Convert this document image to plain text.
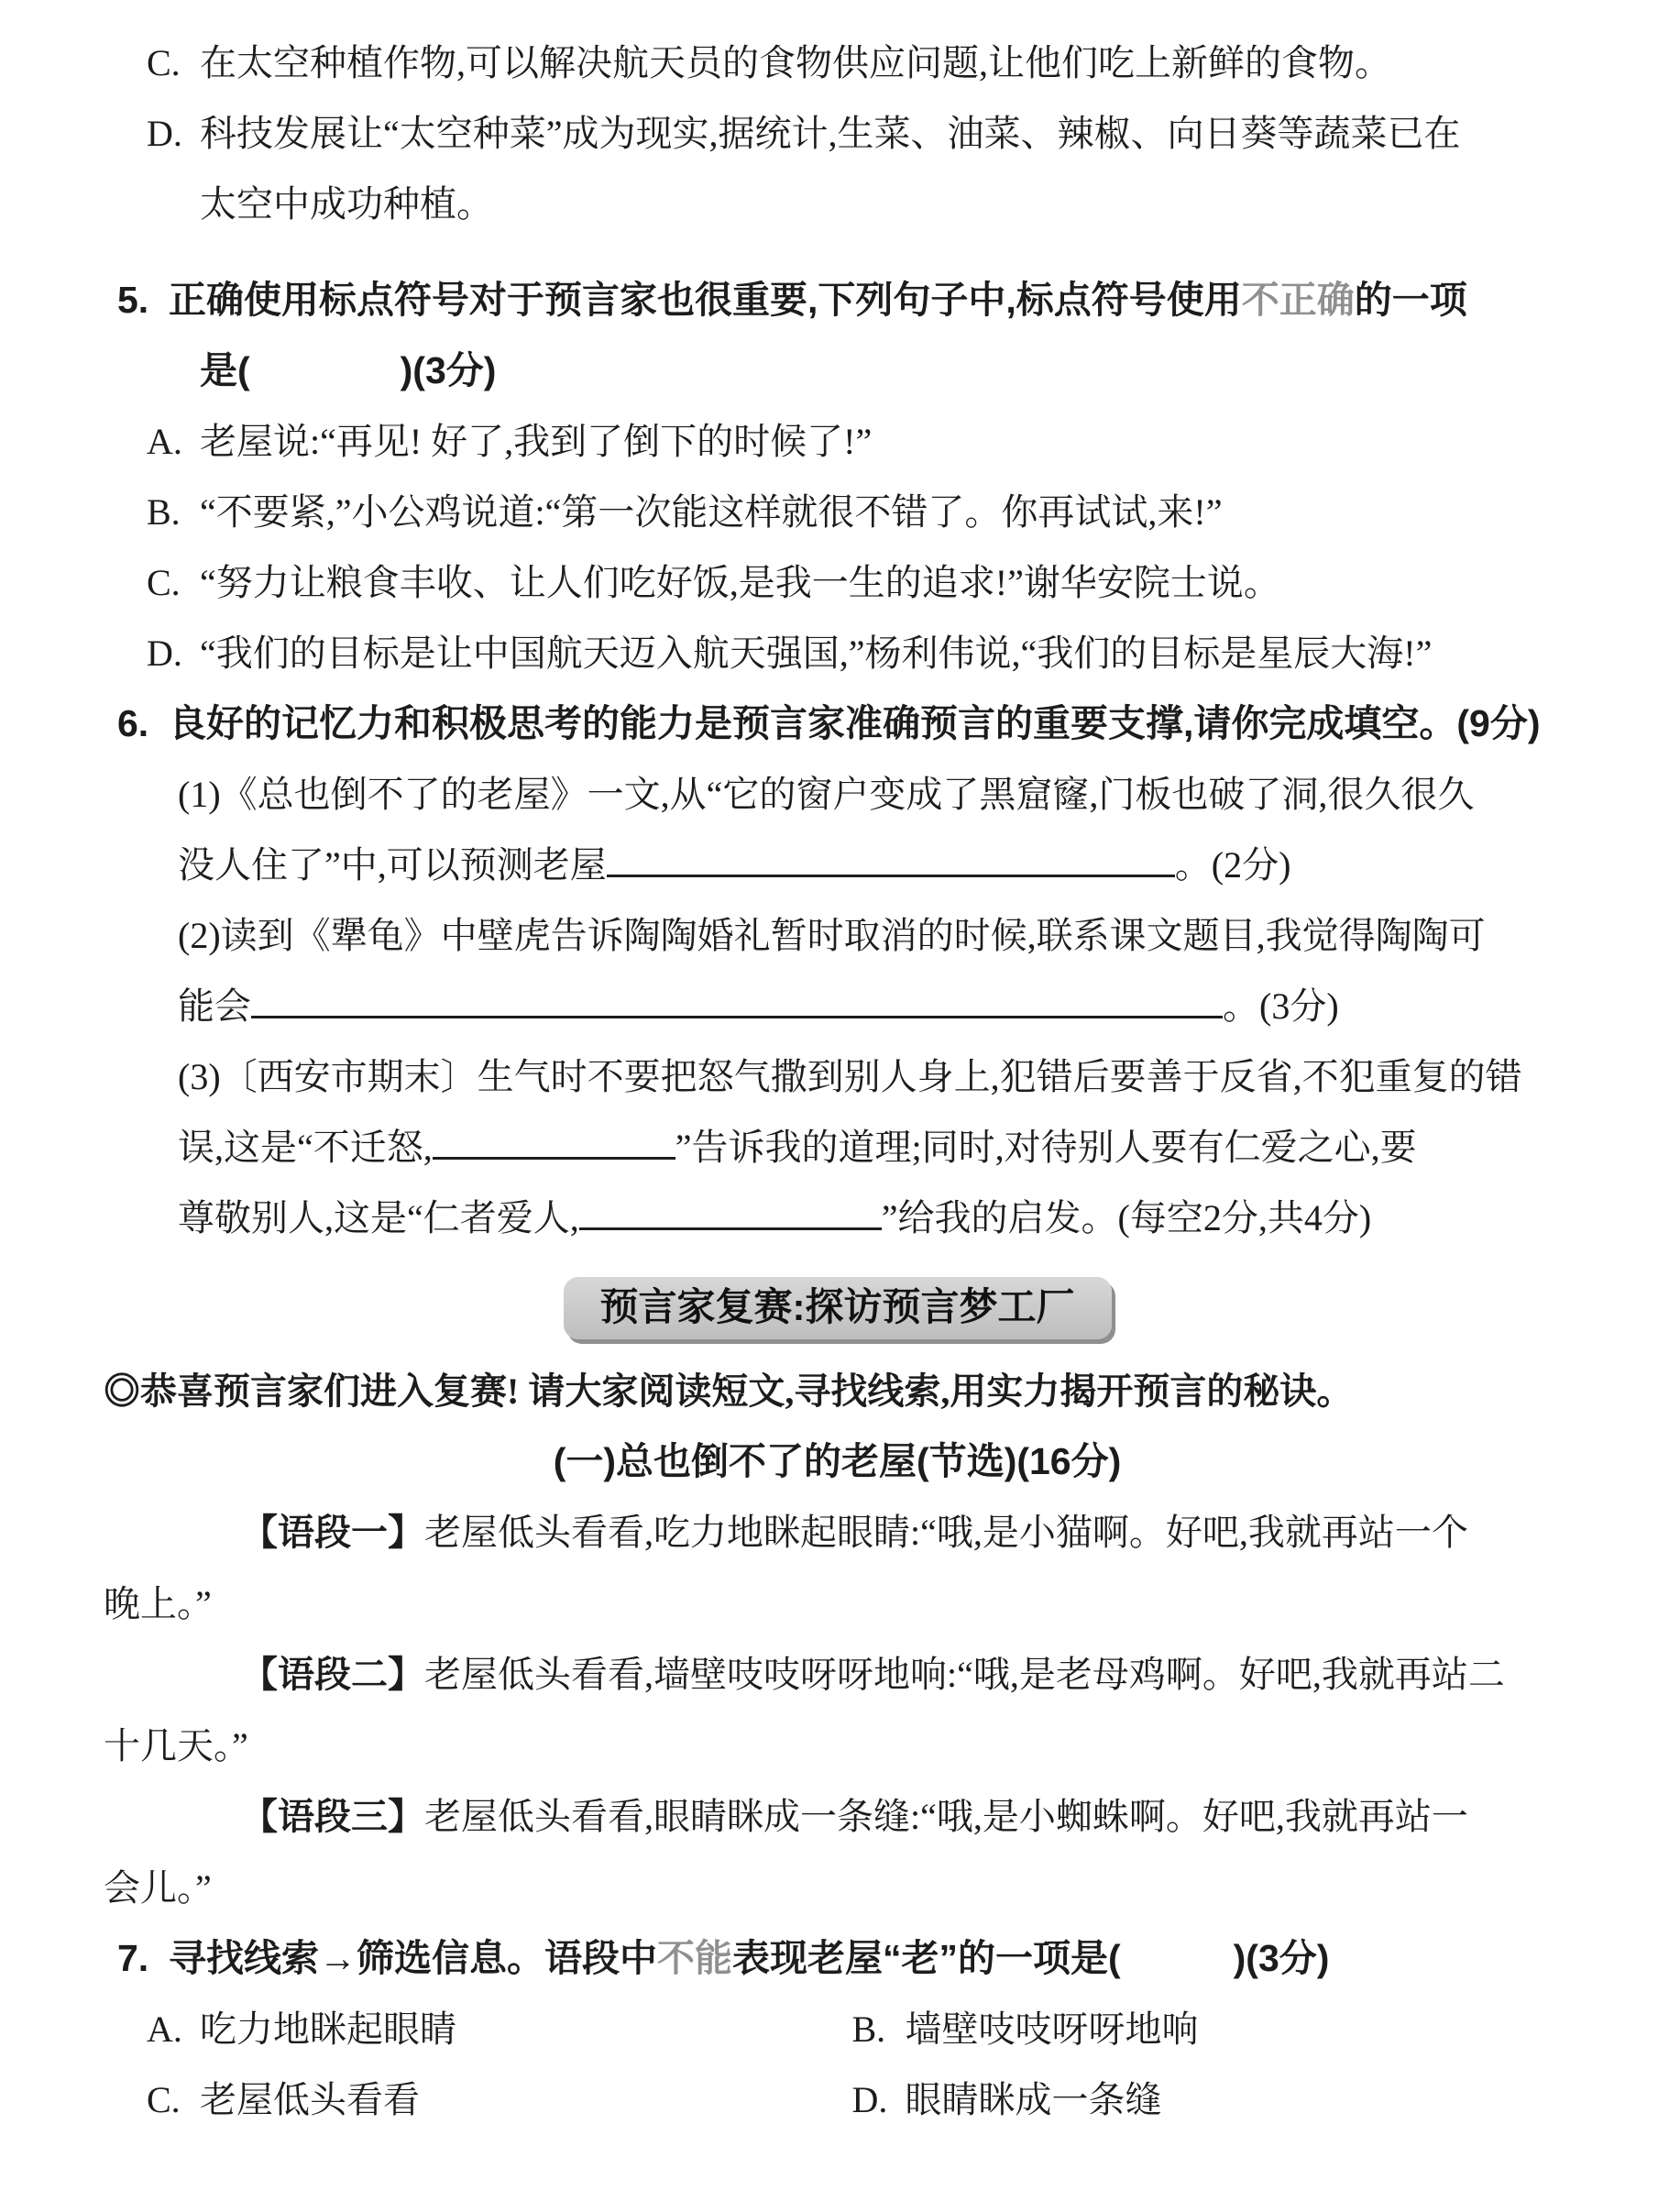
C. 在太空种植作物,可以解决航天员的食物供应问题,让他们吃上新鲜的食物。
D. 科技发展让“太空种菜”成为现实,据统计,生菜、油菜、辣椒、向日葵等蔬菜已在
太空中成功种植。
5. 正确使用标点符号对于预言家也很重要,下列句子中,标点符号使用不正确的一项
是(　　　　)(3分)
A. 老屋说:“再见! 好了,我到了倒下的时候了!”
B. “不要紧,”小公鸡说道:“第一次能这样就很不错了。你再试试,来!”
C. “努力让粮食丰收、让人们吃好饭,是我一生的追求!”谢华安院士说。
D. “我们的目标是让中国航天迈入航天强国,”杨利伟说,“我们的目标是星辰大海!”
6. 良好的记忆力和积极思考的能力是预言家准确预言的重要支撑,请你完成填空。(9分)
(1)《总也倒不了的老屋》一文,从“它的窗户变成了黑窟窿,门板也破了洞,很久很久
没人住了”中,可以预测老屋	。(2分)
(2)读到《犟龟》中壁虎告诉陶陶婚礼暂时取消的时候,联系课文题目,我觉得陶陶可
能会	。(3分)
(3)〔西安市期末〕生气时不要把怒气撒到别人身上,犯错后要善于反省,不犯重复的错
误,这是“不迁怒,	”告诉我的道理;同时,对待别人要有仁爱之心,要
尊敬别人,这是“仁者爱人,	”给我的启发。(每空2分,共4分)
预言家复赛:探访预言梦工厂
◎恭喜预言家们进入复赛! 请大家阅读短文,寻找线索,用实力揭开预言的秘诀。
(一)总也倒不了的老屋(节选)(16分)
【语段一】老屋低头看看,吃力地眯起眼睛:“哦,是小猫啊。好吧,我就再站一个
晚上。”
【语段二】老屋低头看看,墙壁吱吱呀呀地响:“哦,是老母鸡啊。好吧,我就再站二
十几天。”
【语段三】老屋低头看看,眼睛眯成一条缝:“哦,是小蜘蛛啊。好吧,我就再站一
会儿。”
7. 寻找线索→筛选信息。语段中不能表现老屋“老”的一项是(　　　)(3分)
A. 吃力地眯起眼睛	B. 墙壁吱吱呀呀地响
C. 老屋低头看看	D. 眼睛眯成一条缝
